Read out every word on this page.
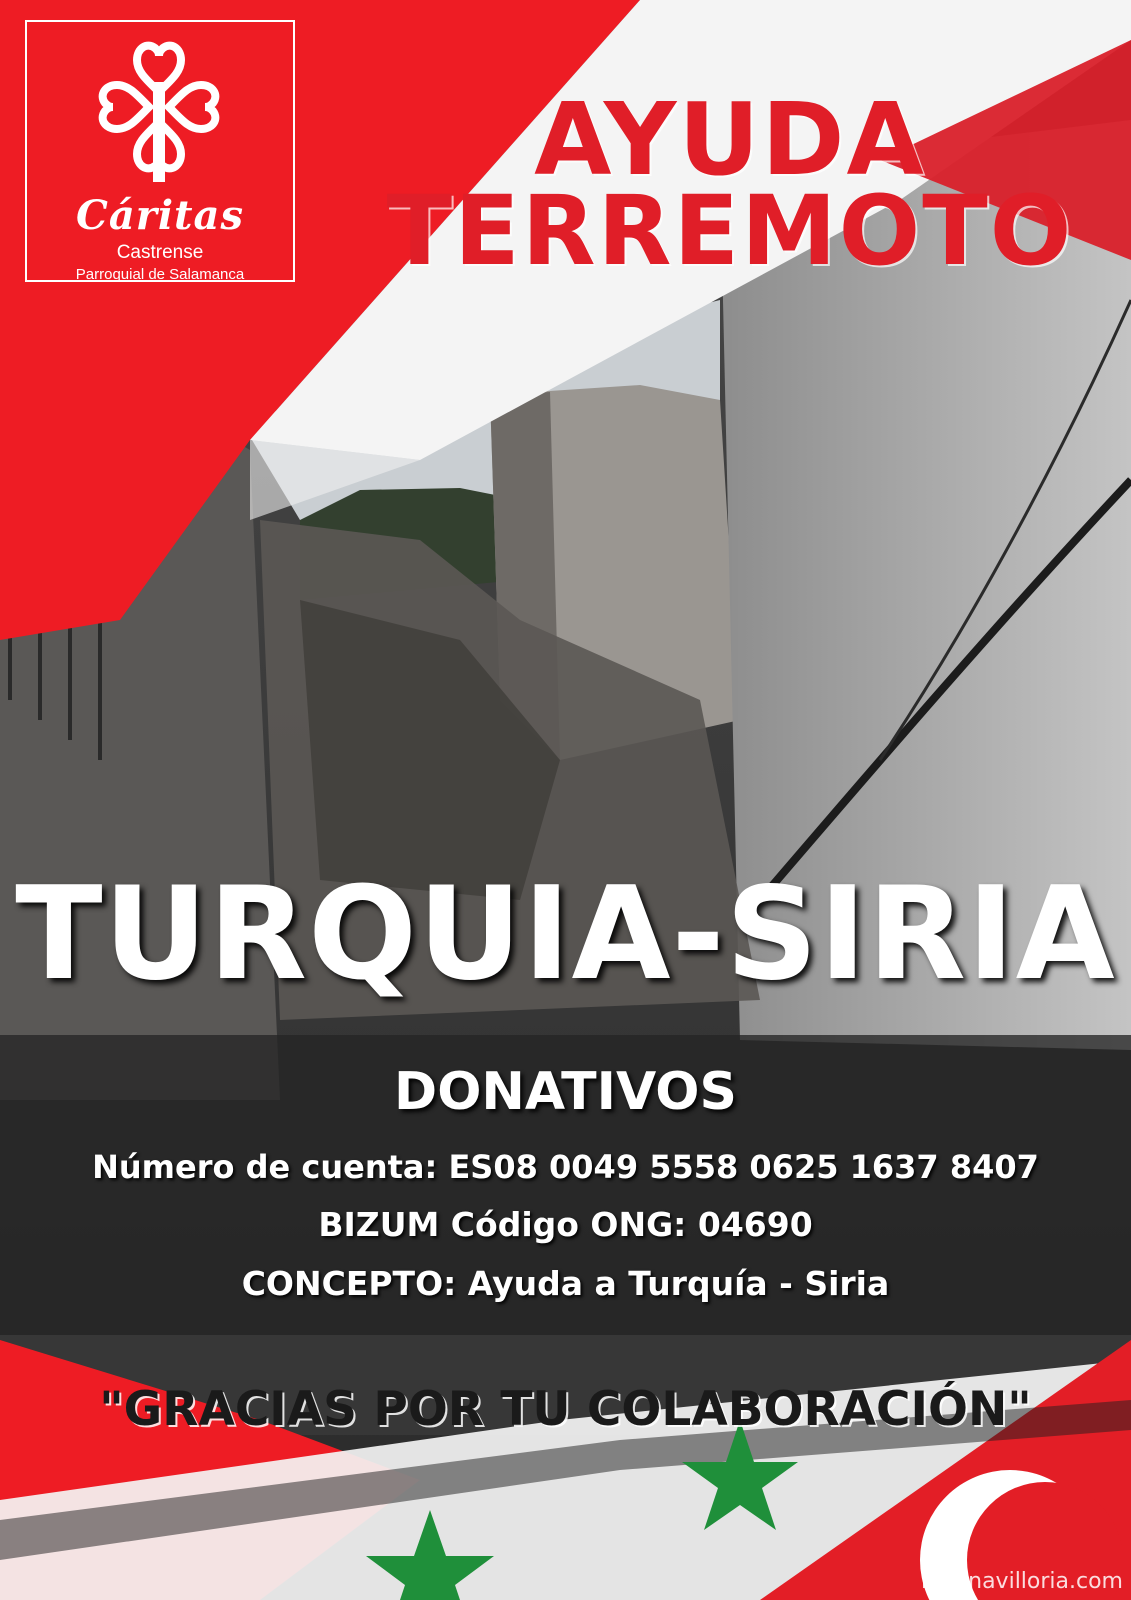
Cáritas
Castrense
Parroquial de Salamanca
AYUDA
TERREMOTO
TURQUIA-SIRIA
DONATIVOS
Número de cuenta: ES08 0049 5558 0625 1637 8407
BIZUM Código ONG: 04690
CONCEPTO: Ayuda a Turquía - Siria
"GRACIAS POR TU COLABORACIÓN"
belenavilloria.com
